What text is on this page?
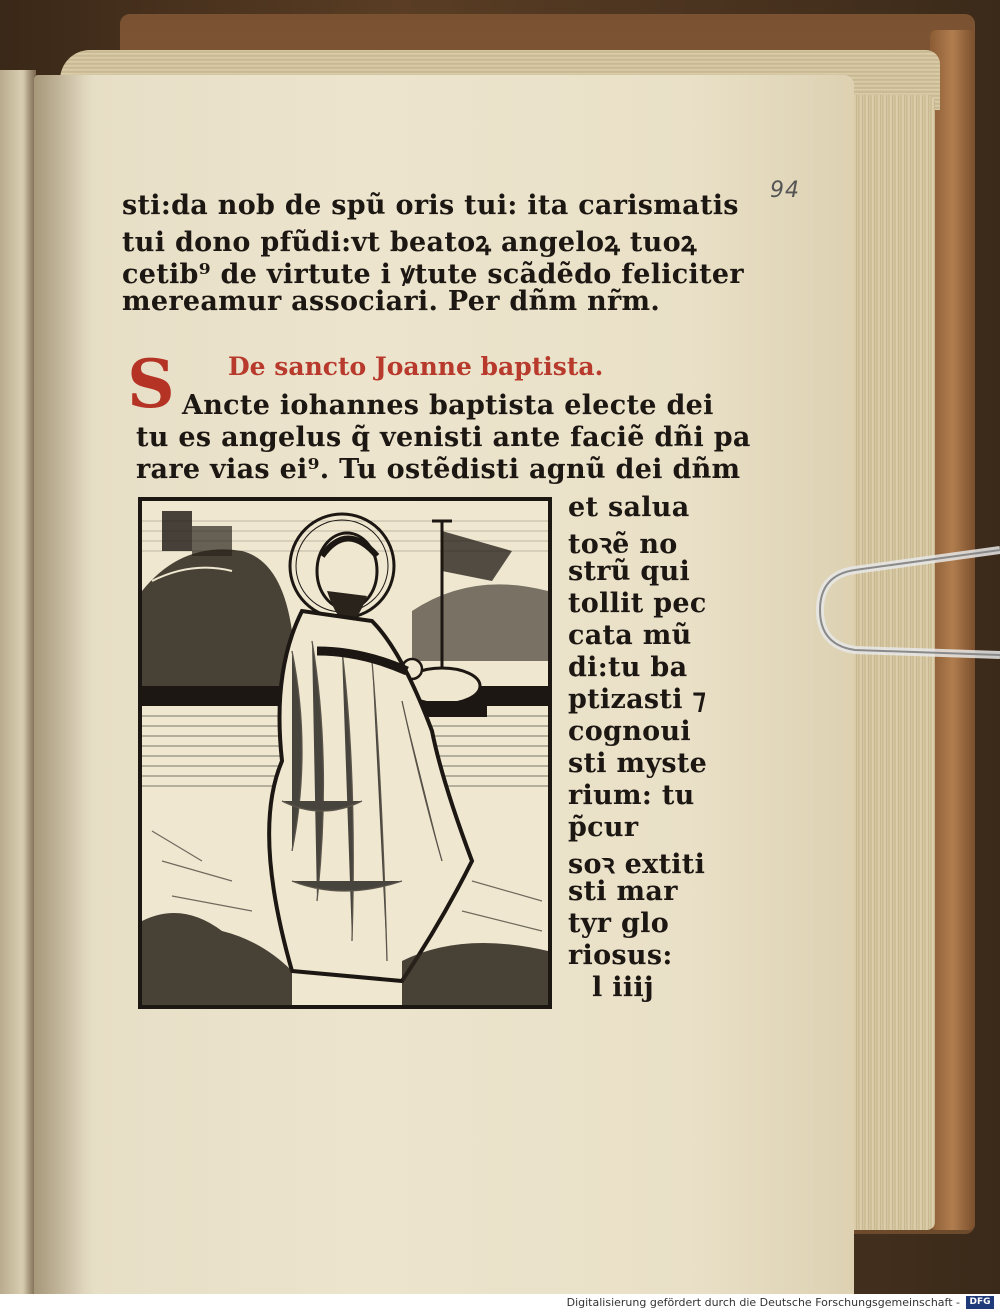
94
sti:da nob de spũ oris tui: ita carismatis
tui dono pfũdi:vt beatoꝝ angeloꝝ tuoꝝ
cetib⁹ de virtute i ꝟtute scãdẽdo feliciter
mereamur associari. Per dñm nr̃m.
De sancto Joanne baptista.
S Ancte iohannes baptista electe dei
tu es angelus q̃ venisti ante faciẽ dñi pa
rare vias ei⁹. Tu ostẽdisti agnũ dei dñm
et salua
toꝛẽ no
strũ qui
tollit pec
cata mũ
di:tu ba
ptizasti ⁊
cognoui
sti myste
rium: tu
p̃cur
soꝛ extiti
sti mar
tyr glo
riosus:
l iiij
Digitalisierung gefördert durch die Deutsche Forschungsgemeinschaft -	DFG
